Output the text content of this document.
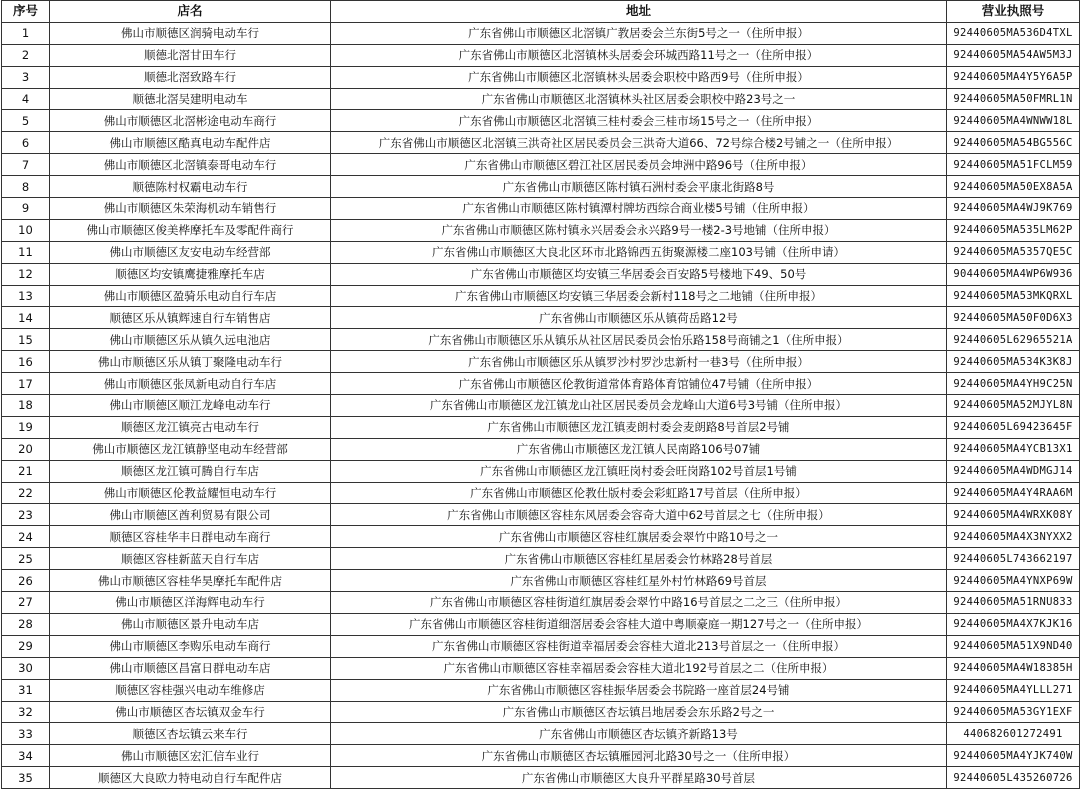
序号	店名	地址	营业执照号
1	佛山市顺德区润骑电动车行	广东省佛山市顺德区北滘镇广教居委会兰东街5号之一（住所申报）	92440605MA536D4TXL
2	顺德北滘甘田车行	广东省佛山市顺德区北滘镇林头居委会环城西路11号之一（住所申报）	92440605MA54AW5M3J
3	顺德北滘致路车行	广东省佛山市顺德区北滘镇林头居委会职校中路西9号（住所申报）	92440605MA4Y5Y6A5P
4	顺德北滘吴建明电动车	广东省佛山市顺德区北滘镇林头社区居委会职校中路23号之一	92440605MA50FMRL1N
5	佛山市顺德区北滘彬途电动车商行	广东省佛山市顺德区北滘镇三桂村委会三桂市场15号之一（住所申报）	92440605MA4WNWW18L
6	佛山市顺德区酷真电动车配件店	广东省佛山市顺德区北滘镇三洪奇社区居民委员会三洪奇大道66、72号综合楼2号铺之一（住所申报）	92440605MA54BG556C
7	佛山市顺德区北滘镇泰哥电动车行	广东省佛山市顺德区碧江社区居民委员会坤洲中路96号（住所申报）	92440605MA51FCLM59
8	顺德陈村权霸电动车行	广东省佛山市顺德区陈村镇石洲村委会平康北街路8号	92440605MA50EX8A5A
9	佛山市顺德区朱荣海机动车销售行	广东省佛山市顺德区陈村镇潭村牌坊西综合商业楼5号铺（住所申报）	92440605MA4WJ9K769
10	佛山市顺德区俊美桦摩托车及零配件商行	广东省佛山市顺德区陈村镇永兴居委会永兴路9号一楼2-3号地铺（住所申报）	92440605MA535LM62P
11	佛山市顺德区友安电动车经营部	广东省佛山市顺德区大良北区环市北路锦西五街聚源楼二座103号铺（住所申请）	92440605MA5357QE5C
12	顺德区均安镇鹰捷雅摩托车店	广东省佛山市顺德区均安镇三华居委会百安路5号楼地下49、50号	90440605MA4WP6W936
13	佛山市顺德区盈骑乐电动自行车店	广东省佛山市顺德区均安镇三华居委会新村118号之二地铺（住所申报）	92440605MA53MKQRXL
14	顺德区乐从镇辉速自行车销售店	广东省佛山市顺德区乐从镇荷岳路12号	92440605MA50F0D6X3
15	佛山市顺德区乐从镇久远电池店	广东省佛山市顺德区乐从镇乐从社区居民委员会怡乐路158号商铺之1（住所申报）	92440605L62965521A
16	佛山市顺德区乐从镇丁聚隆电动车行	广东省佛山市顺德区乐从镇罗沙村罗沙忠新村一巷3号（住所申报）	92440605MA534K3K8J
17	佛山市顺德区张凤新电动自行车店	广东省佛山市顺德区伦教街道常体育路体育馆铺位47号铺（住所申报）	92440605MA4YH9C25N
18	佛山市顺德区顺江龙峰电动车行	广东省佛山市顺德区龙江镇龙山社区居民委员会龙峰山大道6号3号铺（住所申报）	92440605MA52MJYL8N
19	顺德区龙江镇亮古电动车行	广东省佛山市顺德区龙江镇麦朗村委会麦朗路8号首层2号铺	92440605L69423645F
20	佛山市顺德区龙江镇静坚电动车经营部	广东省佛山市顺德区龙江镇人民南路106号07铺	92440605MA4YCB13X1
21	顺德区龙江镇可腾自行车店	广东省佛山市顺德区龙江镇旺岗村委会旺岗路102号首层1号铺	92440605MA4WDMGJ14
22	佛山市顺德区伦教益耀恒电动车行	广东省佛山市顺德区伦教仕版村委会彩虹路17号首层（住所申报）	92440605MA4Y4RAA6M
23	佛山市顺德区酋利贸易有限公司	广东省佛山市顺德区容桂东风居委会容奇大道中62号首层之七（住所申报）	92440605MA4WRXK08Y
24	顺德区容桂华丰日群电动车商行	广东省佛山市顺德区容桂红旗居委会翠竹中路10号之一	92440605MA4X3NYXX2
25	顺德区容桂新蓝天自行车店	广东省佛山市顺德区容桂红星居委会竹林路28号首层	92440605L743662197
26	佛山市顺德区容桂华昊摩托车配件店	广东省佛山市顺德区容桂红星外村竹林路69号首层	92440605MA4YNXP69W
27	佛山市顺德区洋海辉电动车行	广东省佛山市顺德区容桂街道红旗居委会翠竹中路16号首层之二之三（住所申报）	92440605MA51RNU833
28	佛山市顺德区景升电动车店	广东省佛山市顺德区容桂街道细滘居委会容桂大道中粤顺豪庭一期127号之一（住所申报）	92440605MA4X7KJK16
29	佛山市顺德区李购乐电动车商行	广东省佛山市顺德区容桂街道幸福居委会容桂大道北213号首层之一（住所申报）	92440605MA51X9ND40
30	佛山市顺德区昌富日群电动车店	广东省佛山市顺德区容桂幸福居委会容桂大道北192号首层之二（住所申报）	92440605MA4W18385H
31	顺德区容桂强兴电动车维修店	广东省佛山市顺德区容桂振华居委会书院路一座首层24号铺	92440605MA4YLLL271
32	佛山市顺德区杏坛镇双金车行	广东省佛山市顺德区杏坛镇吕地居委会东乐路2号之一	92440605MA53GY1EXF
33	顺德区杏坛镇云来车行	广东省佛山市顺德区杏坛镇齐新路13号	440682601272491
34	佛山市顺德区宏汇信车业行	广东省佛山市顺德区杏坛镇雁园河北路30号之一（住所申报）	92440605MA4YJK740W
35	顺德区大良欧力特电动自行车配件店	广东省佛山市顺德区大良升平群星路30号首层	92440605L435260726
